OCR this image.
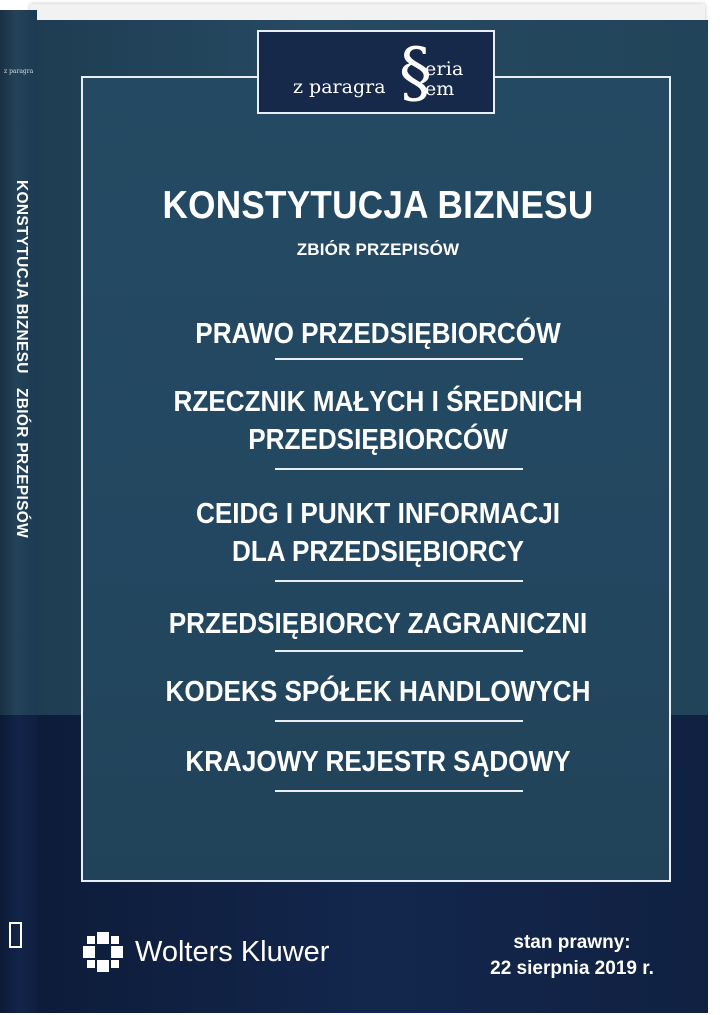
z paragra
KONSTYTUCJA BIZNESU ZBIÓR PRZEPISÓW
KONSTYTUCJA BIZNESU
ZBIÓR PRZEPISÓW
PRAWO PRZEDSIĘBIORCÓW
RZECZNIK MAŁYCH I ŚREDNICH
PRZEDSIĘBIORCÓW
CEIDG I PUNKT INFORMACJI
DLA PRZEDSIĘBIORCY
PRZEDSIĘBIORCY ZAGRANICZNI
KODEKS SPÓŁEK HANDLOWYCH
KRAJOWY REJESTR SĄDOWY
§
eria
z paragra em
Wolters Kluwer	stan prawny:
22 sierpnia 2019 r.
